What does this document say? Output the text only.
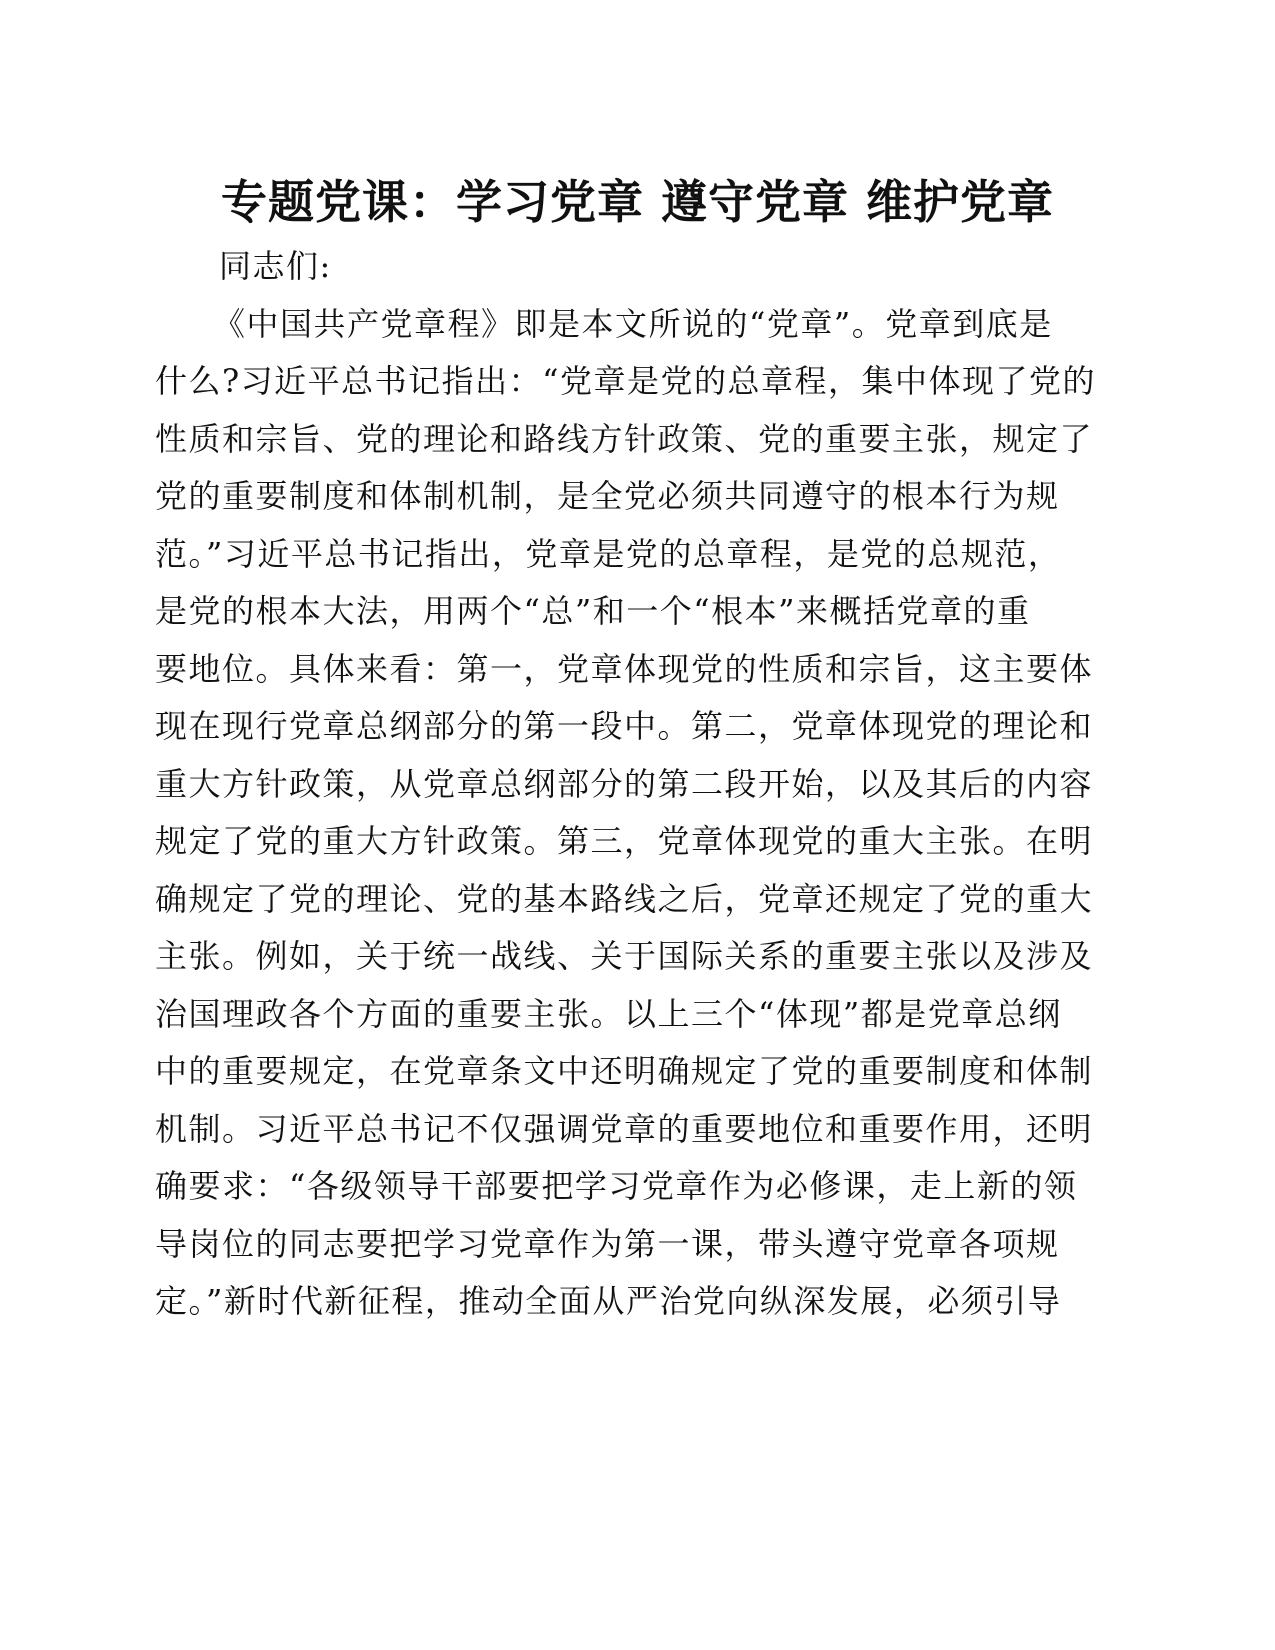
专题党课：学习党章 遵守党章 维护党章
同志们:
《中国共产党章程》即是本文所说的“党章”。党章到底是
什么?习近平总书记指出：“党章是党的总章程，集中体现了党的
性质和宗旨、党的理论和路线方针政策、党的重要主张，规定了
党的重要制度和体制机制，是全党必须共同遵守的根本行为规
范。”习近平总书记指出，党章是党的总章程，是党的总规范，
是党的根本大法，用两个“总”和一个“根本”来概括党章的重
要地位。具体来看：第一，党章体现党的性质和宗旨，这主要体
现在现行党章总纲部分的第一段中。第二，党章体现党的理论和
重大方针政策，从党章总纲部分的第二段开始，以及其后的内容
规定了党的重大方针政策。第三，党章体现党的重大主张。在明
确规定了党的理论、党的基本路线之后，党章还规定了党的重大
主张。例如，关于统一战线、关于国际关系的重要主张以及涉及
治国理政各个方面的重要主张。以上三个“体现”都是党章总纲
中的重要规定，在党章条文中还明确规定了党的重要制度和体制
机制。习近平总书记不仅强调党章的重要地位和重要作用，还明
确要求：“各级领导干部要把学习党章作为必修课，走上新的领
导岗位的同志要把学习党章作为第一课，带头遵守党章各项规
定。”新时代新征程，推动全面从严治党向纵深发展，必须引导
